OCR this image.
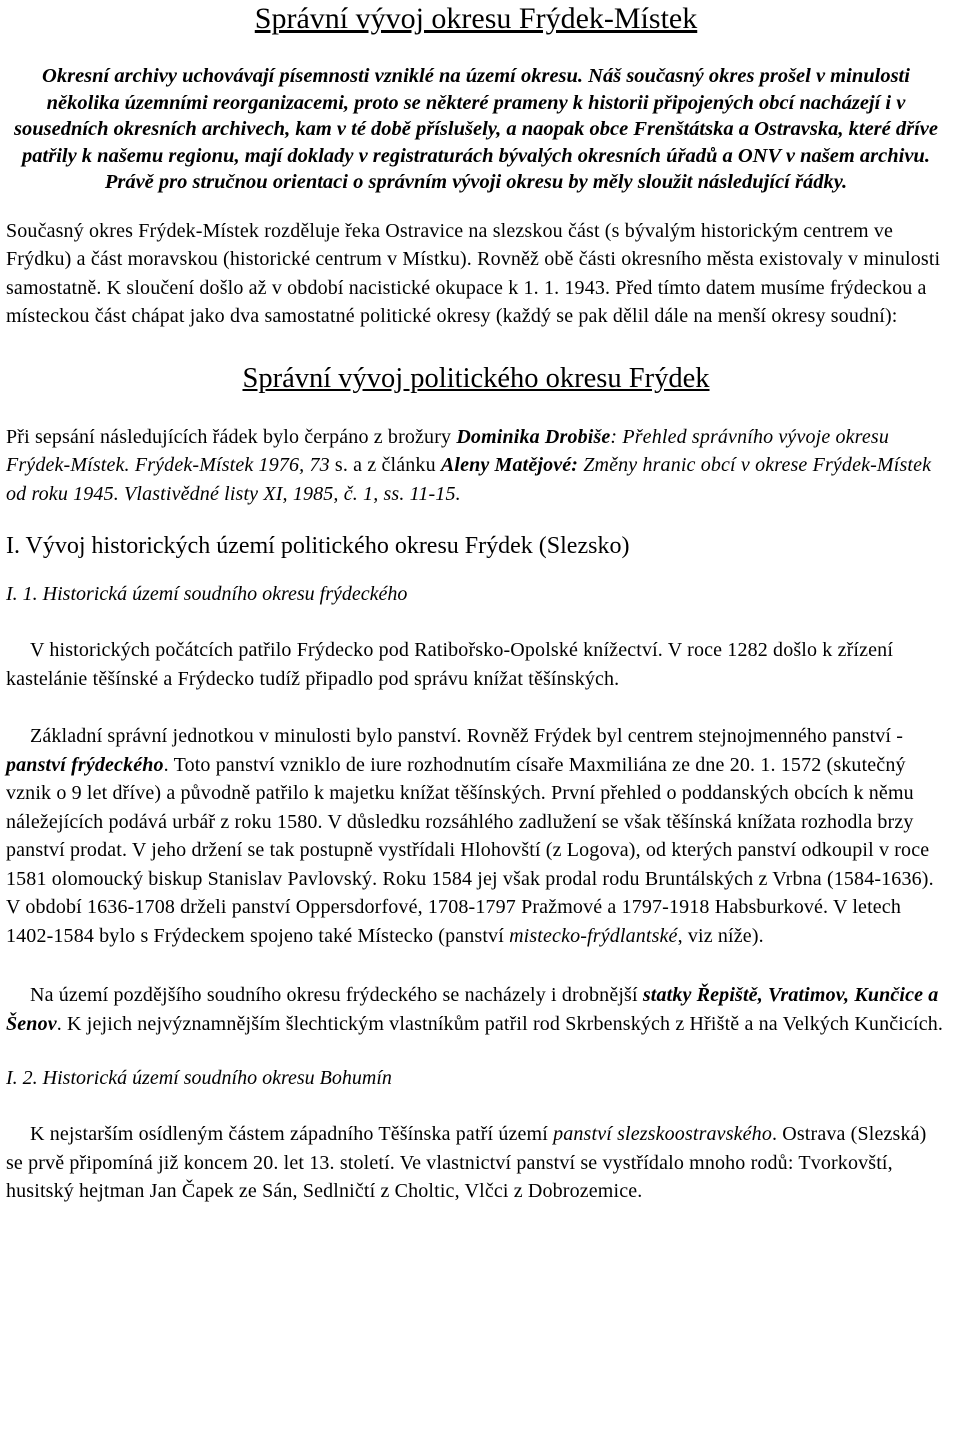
Správní vývoj okresu Frýdek-Místek

Okresní archivy uchovávají písemnosti vzniklé na území okresu. Náš současný okres prošel v minulosti několika územními reorganizacemi, proto se některé prameny k historii připojených obcí nacházejí i v sousedních okresních archivech, kam v té době příslušely, a naopak obce Frenštátska a Ostravska, které dříve patřily k našemu regionu, mají doklady v registraturách bývalých okresních úřadů a ONV v našem archivu. Právě pro stručnou orientaci o správním vývoji okresu by měly sloužit následující řádky.

Současný okres Frýdek-Místek rozděluje řeka Ostravice na slezskou část (s bývalým historickým centrem ve Frýdku) a část moravskou (historické centrum v Místku). Rovněž obě části okresního města existovaly v minulosti samostatně. K sloučení došlo až v období nacistické okupace k 1. 1. 1943. Před tímto datem musíme frýdeckou a místeckou část chápat jako dva samostatné politické okresy (každý se pak dělil dále na menší okresy soudní):

Správní vývoj politického okresu Frýdek

Při sepsání následujících řádek bylo čerpáno z brožury Dominika Drobiše: Přehled správního vývoje okresu Frýdek-Místek. Frýdek-Místek 1976, 73 s. a z článku Aleny Matějové: Změny hranic obcí v okrese Frýdek-Místek od roku 1945. Vlastivědné listy XI, 1985, č. 1, ss. 11-15.

I. Vývoj historických území politického okresu Frýdek (Slezsko)
I. 1. Historická území soudního okresu frýdeckého

V historických počátcích patřilo Frýdecko pod Ratibořsko-Opolské knížectví. V roce 1282 došlo k zřízení kastelánie těšínské a Frýdecko tudíž připadlo pod správu knížat těšínských.

Základní správní jednotkou v minulosti bylo panství. Rovněž Frýdek byl centrem stejnojmenného panství - panství frýdeckého. Toto panství vzniklo de iure rozhodnutím císaře Maxmiliána ze dne 20. 1. 1572 (skutečný vznik o 9 let dříve) a původně patřilo k majetku knížat těšínských. První přehled o poddanských obcích k němu náležejících podává urbář z roku 1580. V důsledku rozsáhlého zadlužení se však těšínská knížata rozhodla brzy panství prodat. V jeho držení se tak postupně vystřídali Hlohovští (z Logova), od kterých panství odkoupil v roce 1581 olomoucký biskup Stanislav Pavlovský. Roku 1584 jej však prodal rodu Bruntálských z Vrbna (1584-1636). V období 1636-1708 drželi panství Oppersdorfové, 1708-1797 Pražmové a 1797-1918 Habsburkové. V letech 1402-1584 bylo s Frýdeckem spojeno také Místecko (panství mistecko-frýdlantské, viz níže).

Na území pozdějšího soudního okresu frýdeckého se nacházely i drobnější statky Řepiště, Vratimov, Kunčice a Šenov. K jejich nejvýznamnějším šlechtickým vlastníkům patřil rod Skrbenských z Hřiště a na Velkých Kunčicích.

I. 2. Historická území soudního okresu Bohumín

K nejstarším osídleným částem západního Těšínska patří území panství slezskoostravského. Ostrava (Slezská) se prvě připomíná již koncem 20. let 13. století. Ve vlastnictví panství se vystřídalo mnoho rodů: Tvorkovští, husitský hejtman Jan Čapek ze Sán, Sedlničtí z Choltic, Vlčci z Dobrozemice.
